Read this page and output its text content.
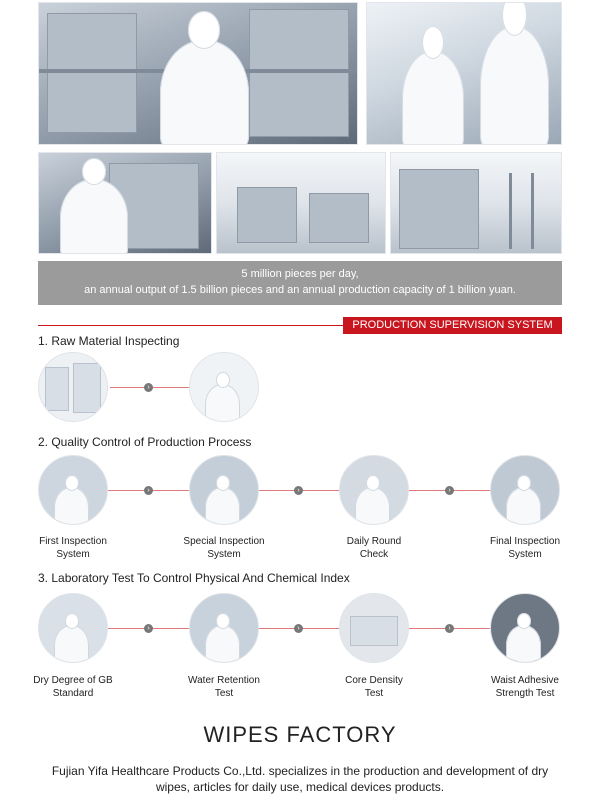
5 million pieces per day,
an annual output of 1.5 billion pieces and an annual production capacity of 1 billion yuan.
PRODUCTION SUPERVISION SYSTEM
1. Raw Material Inspecting
›
2. Quality Control of Production Process
›	›	›
First Inspection
System
Special Inspection
System
Daily Round
Check
Final Inspection
System
3. Laboratory Test To Control Physical And Chemical Index
›	›	›
Dry Degree of GB
Standard
Water Retention
Test
Core Density
Test
Waist Adhesive
Strength Test
WIPES FACTORY
Fujian Yifa Healthcare Products Co.,Ltd. specializes in the production and development of dry wipes, articles for daily use, medical devices products.
